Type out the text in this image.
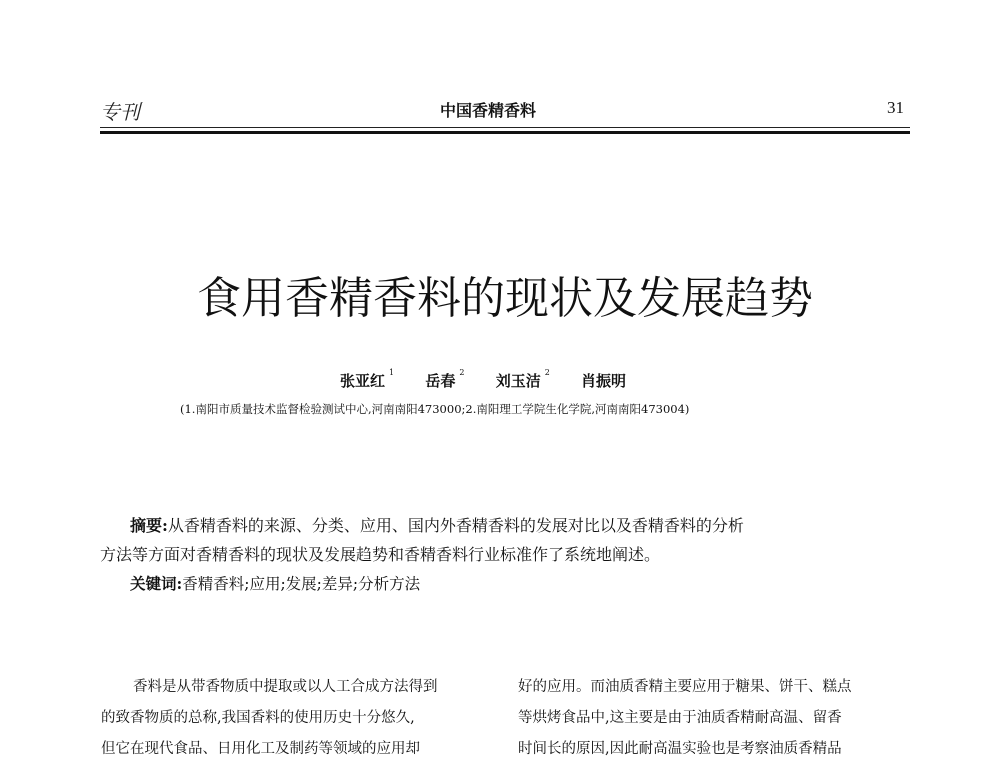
专刊	中国香精香料	31
食用香精香料的现状及发展趋势
张亚红 $^1$ 岳春 $^2$ 刘玉洁 $^2$ 肖振明
(1.南阳市质量技术监督检验测试中心,河南南阳473000;2.南阳理工学院生化学院,河南南阳473004)
摘要:从香精香料的来源、分类、应用、国内外香精香料的发展对比以及香精香料的分析
方法等方面对香精香料的现状及发展趋势和香精香料行业标准作了系统地阐述。
关键词:香精香料;应用;发展;差异;分析方法
香料是从带香物质中提取或以人工合成方法得到
的致香物质的总称,我国香料的使用历史十分悠久,
但它在现代食品、日用化工及制药等领域的应用却
好的应用。而油质香精主要应用于糖果、饼干、糕点
等烘烤食品中,这主要是由于油质香精耐高温、留香
时间长的原因,因此耐高温实验也是考察油质香精品
